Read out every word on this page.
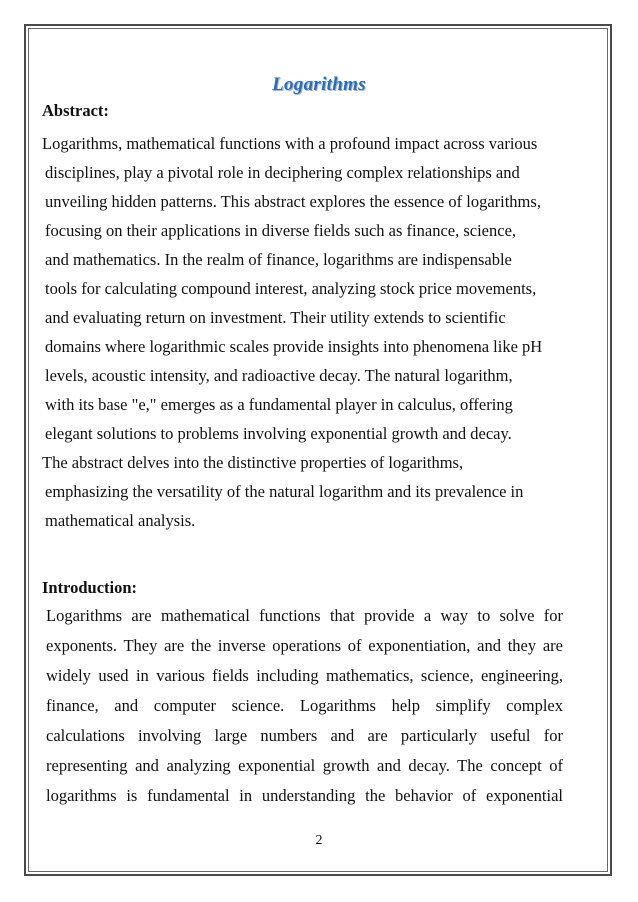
Logarithms
Abstract:
Logarithms, mathematical functions with a profound impact across various
disciplines, play a pivotal role in deciphering complex relationships and
unveiling hidden patterns. This abstract explores the essence of logarithms,
focusing on their applications in diverse fields such as finance, science,
and mathematics. In the realm of finance, logarithms are indispensable
tools for calculating compound interest, analyzing stock price movements,
and evaluating return on investment. Their utility extends to scientific
domains where logarithmic scales provide insights into phenomena like pH
levels, acoustic intensity, and radioactive decay. The natural logarithm,
with its base "e," emerges as a fundamental player in calculus, offering
elegant solutions to problems involving exponential growth and decay.
The abstract delves into the distinctive properties of logarithms,
emphasizing the versatility of the natural logarithm and its prevalence in
mathematical analysis.
Introduction:
Logarithms are mathematical functions that provide a way to solve for
exponents. They are the inverse operations of exponentiation, and they are
widely used in various fields including mathematics, science, engineering,
finance, and computer science. Logarithms help simplify complex
calculations involving large numbers and are particularly useful for
representing and analyzing exponential growth and decay. The concept of
logarithms is fundamental in understanding the behavior of exponential
2
